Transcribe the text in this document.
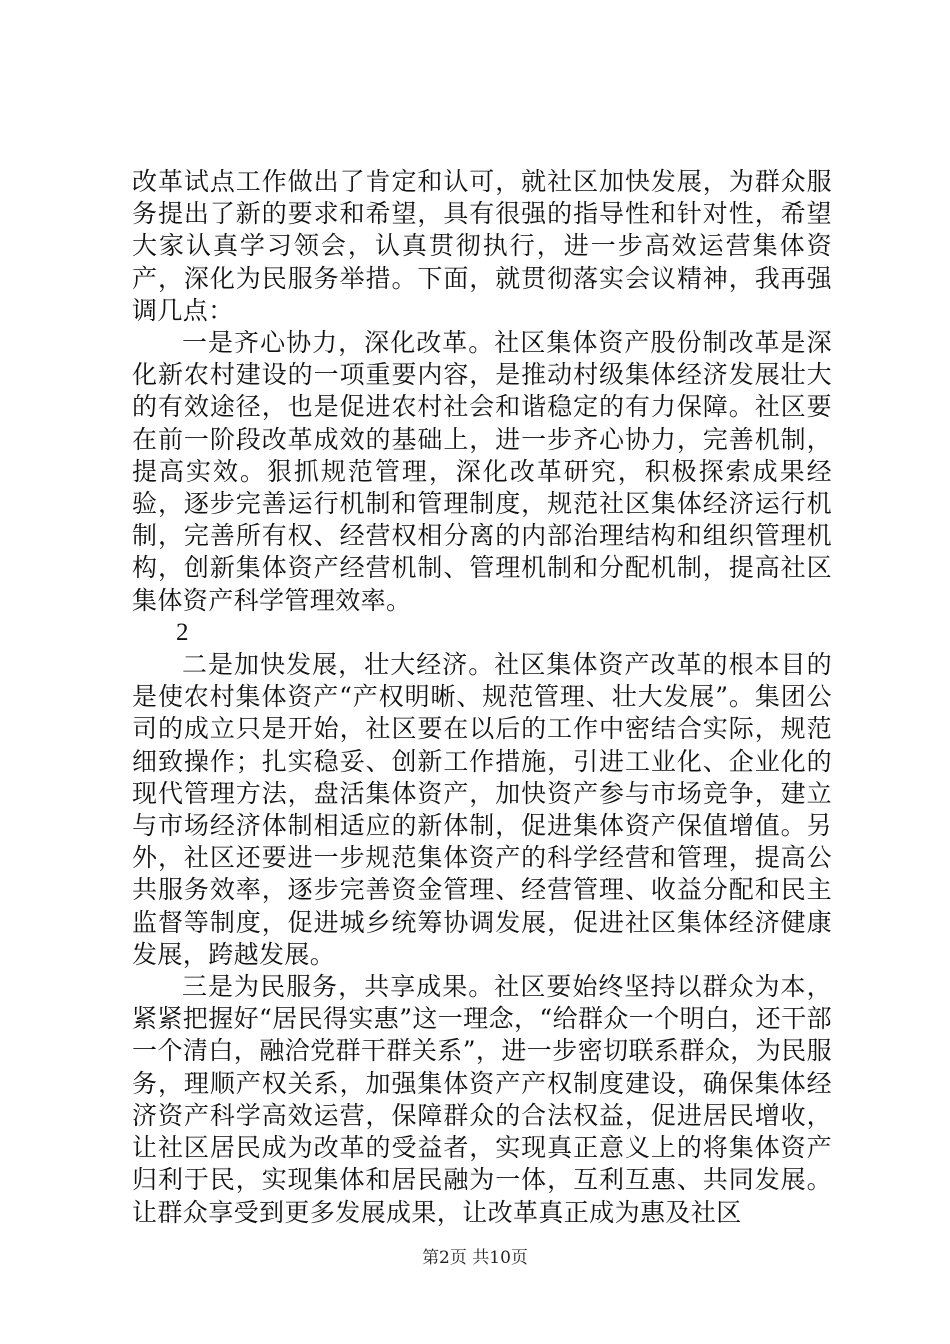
改革试点工作做出了肯定和认可，就社区加快发展，为群众服务提出了新的要求和希望，具有很强的指导性和针对性，希望大家认真学习领会，认真贯彻执行，进一步高效运营集体资产，深化为民服务举措。下面，就贯彻落实会议精神，我再强调几点：

一是齐心协力，深化改革。社区集体资产股份制改革是深化新农村建设的一项重要内容，是推动村级集体经济发展壮大的有效途径，也是促进农村社会和谐稳定的有力保障。社区要在前一阶段改革成效的基础上，进一步齐心协力，完善机制，提高实效。狠抓规范管理，深化改革研究，积极探索成果经验，逐步完善运行机制和管理制度，规范社区集体经济运行机制，完善所有权、经营权相分离的内部治理结构和组织管理机构，创新集体资产经营机制、管理机制和分配机制，提高社区集体资产科学管理效率。

2

二是加快发展，壮大经济。社区集体资产改革的根本目的是使农村集体资产“产权明晰、规范管理、壮大发展”。集团公司的成立只是开始，社区要在以后的工作中密结合实际，规范细致操作；扎实稳妥、创新工作措施，引进工业化、企业化的现代管理方法，盘活集体资产，加快资产参与市场竞争，建立与市场经济体制相适应的新体制，促进集体资产保值增值。另外，社区还要进一步规范集体资产的科学经营和管理，提高公共服务效率，逐步完善资金管理、经营管理、收益分配和民主监督等制度，促进城乡统筹协调发展，促进社区集体经济健康发展，跨越发展。

三是为民服务，共享成果。社区要始终坚持以群众为本，紧紧把握好“居民得实惠”这一理念，“给群众一个明白，还干部一个清白，融洽党群干群关系”，进一步密切联系群众，为民服务，理顺产权关系，加强集体资产产权制度建设，确保集体经济资产科学高效运营，保障群众的合法权益，促进居民增收，让社区居民成为改革的受益者，实现真正意义上的将集体资产归利于民，实现集体和居民融为一体，互利互惠、共同发展。让群众享受到更多发展成果，让改革真正成为惠及社区

第2页 共10页
